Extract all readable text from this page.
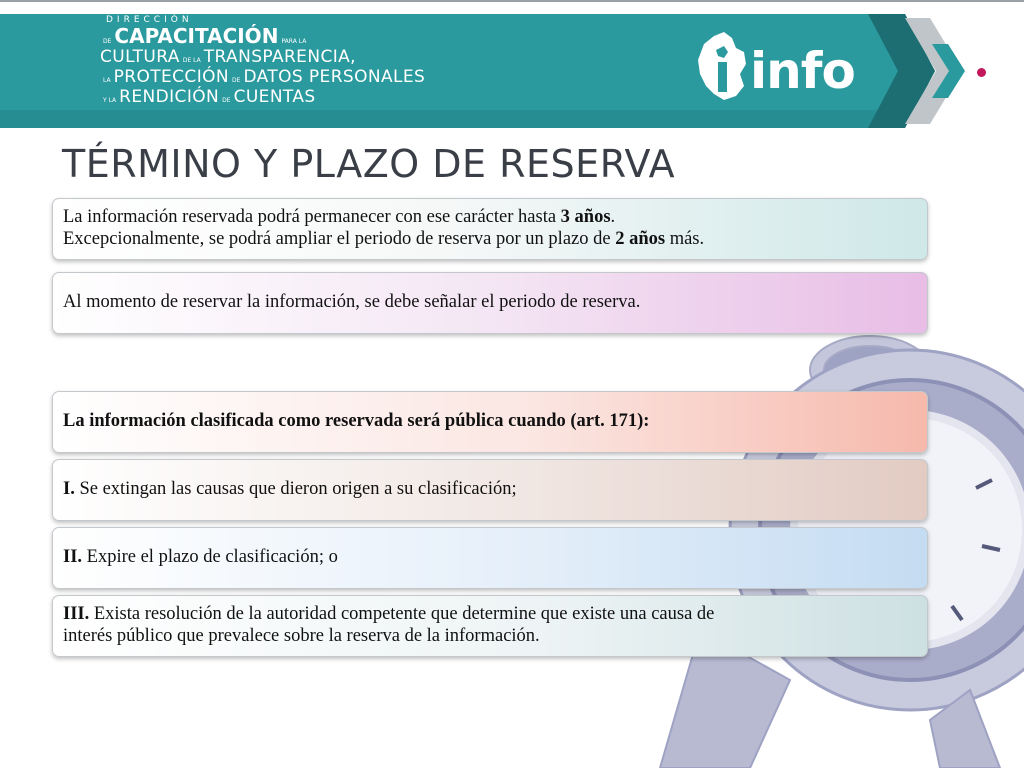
DIRECCIÓN
DE CAPACITACIÓN PARA LA
CULTURA DE LA TRANSPARENCIA,
LA PROTECCIÓN DE DATOS PERSONALES
Y LA RENDICIÓN DE CUENTAS	info
TÉRMINO Y PLAZO DE RESERVA
La información reservada podrá permanecer con ese carácter hasta 3 años.
Excepcionalmente, se podrá ampliar el periodo de reserva por un plazo de 2 años más.
Al momento de reservar la información, se debe señalar el periodo de reserva.
La información clasificada como reservada será pública cuando (art. 171):
I. Se extingan las causas que dieron origen a su clasificación;
II. Expire el plazo de clasificación; o
III. Exista resolución de la autoridad competente que determine que existe una causa de
interés público que prevalece sobre la reserva de la información.
